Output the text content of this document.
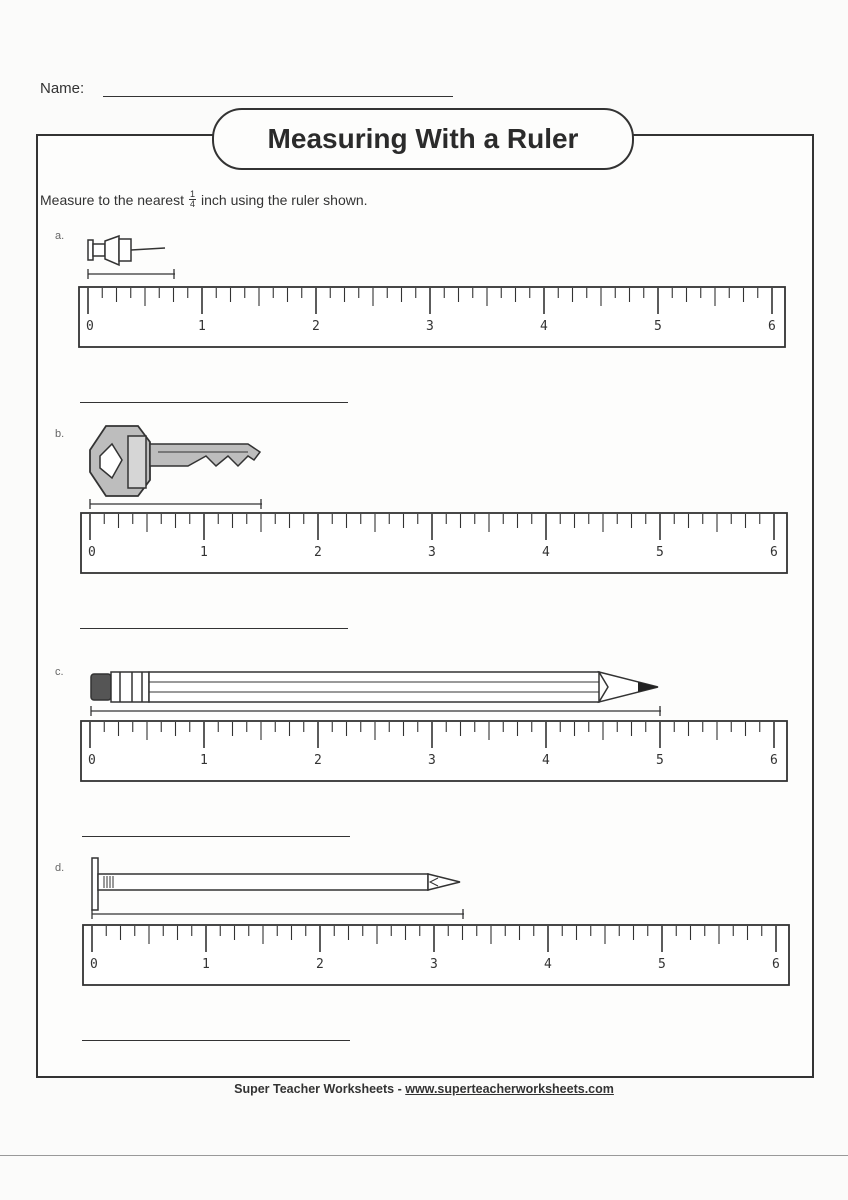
Name:
Measuring With a Ruler
Measure to the nearest $\frac{1}{4}$ inch using the ruler shown.
a.
0	1	2	3	4	5	6
b.
0	1	2	3	4	5	6
c.
0	1	2	3	4	5	6
d.
0	1	2	3	4	5	6
Super Teacher Worksheets - www.superteacherworksheets.com
